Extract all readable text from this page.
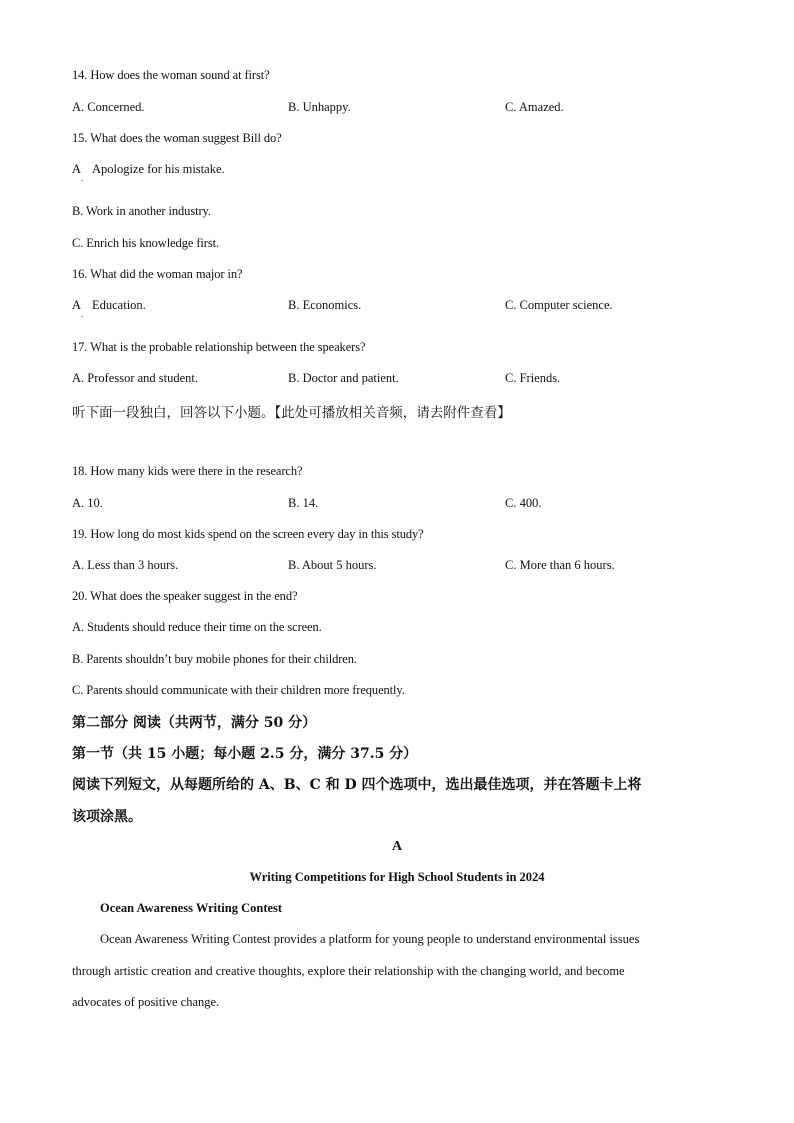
14. How does the woman sound at first?
A. Concerned.	B. Unhappy.	C. Amazed.
15. What does the woman suggest Bill do?
A
.
Apologize for his mistake.
B. Work in another industry.
C. Enrich his knowledge first.
16. What did the woman major in?
A
.
Education.	B. Economics.	C. Computer science.
17. What is the probable relationship between the speakers?
A. Professor and student.	B. Doctor and patient.	C. Friends.
听下面一段独白，回答以下小题。【此处可播放相关音频，请去附件查看】
18. How many kids were there in the research?
A. 10.	B. 14.	C. 400.
19. How long do most kids spend on the screen every day in this study?
A. Less than 3 hours.	B. About 5 hours.	C. More than 6 hours.
20. What does the speaker suggest in the end?
A. Students should reduce their time on the screen.
B. Parents shouldn’t buy mobile phones for their children.
C. Parents should communicate with their children more frequently.
第二部分 阅读（共两节，满分 50 分）
第一节（共 15 小题；每小题 2.5 分，满分 37.5 分）
阅读下列短文，从每题所给的 A、B、C 和 D 四个选项中，选出最佳选项，并在答题卡上将
该项涂黑。
A
Writing Competitions for High School Students in 2024
Ocean Awareness Writing Contest
Ocean Awareness Writing Contest provides a platform for young people to understand environmental issues
through artistic creation and creative thoughts, explore their relationship with the changing world, and become
advocates of positive change.
